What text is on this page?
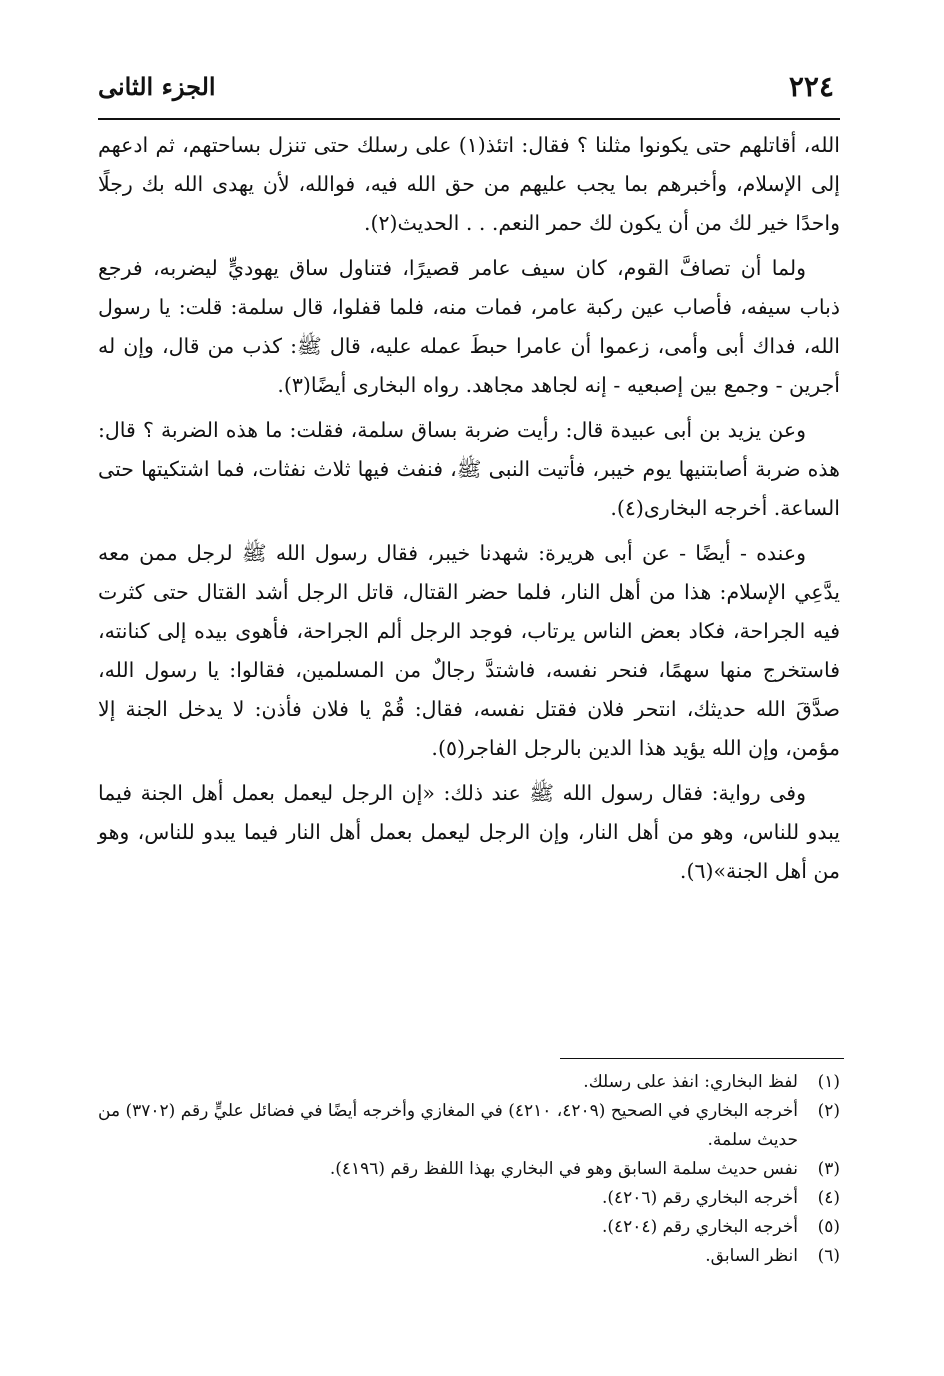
٢٢٤
الجزء الثانى

الله، أقاتلهم حتى يكونوا مثلنا ؟ فقال: اتئذ(١) على رسلك حتى تنزل بساحتهم، ثم ادعهم إلى الإسلام، وأخبرهم بما يجب عليهم من حق الله فيه، فوالله، لأن يهدى الله بك رجلًا واحدًا خير لك من أن يكون لك حمر النعم. . . الحديث(٢).

ولما أن تصافَّ القوم، كان سيف عامر قصيرًا، فتناول ساق يهوديٍّ ليضربه، فرجع ذباب سيفه، فأصاب عين ركبة عامر، فمات منه، فلما قفلوا، قال سلمة: قلت: يا رسول الله، فداك أبى وأمى، زعموا أن عامرا حبطَ عمله عليه، قال ﷺ: كذب من قال، وإن له أجرين - وجمع بين إصبعيه - إنه لجاهد مجاهد. رواه البخارى أيضًا(٣).

وعن يزيد بن أبى عبيدة قال: رأيت ضربة بساق سلمة، فقلت: ما هذه الضربة ؟ قال: هذه ضربة أصابتنيها يوم خيبر، فأتيت النبى ﷺ، فنفث فيها ثلاث نفثات، فما اشتكيتها حتى الساعة. أخرجه البخارى(٤).

وعنده - أيضًا - عن أبى هريرة: شهدنا خيبر، فقال رسول الله ﷺ لرجل ممن معه يدَّعِي الإسلام: هذا من أهل النار، فلما حضر القتال، قاتل الرجل أشد القتال حتى كثرت فيه الجراحة، فكاد بعض الناس يرتاب، فوجد الرجل ألم الجراحة، فأهوى بيده إلى كنانته، فاستخرج منها سهمًا، فنحر نفسه، فاشتدَّ رجالٌ من المسلمين، فقالوا: يا رسول الله، صدَّقَ الله حديثك، انتحر فلان فقتل نفسه، فقال: قُمْ يا فلان فأذن: لا يدخل الجنة إلا مؤمن، وإن الله يؤيد هذا الدين بالرجل الفاجر(٥).

وفى رواية: فقال رسول الله ﷺ عند ذلك: «إن الرجل ليعمل بعمل أهل الجنة فيما يبدو للناس، وهو من أهل النار، وإن الرجل ليعمل بعمل أهل النار فيما يبدو للناس، وهو من أهل الجنة»(٦).

(١)
لفظ البخاري: انفذ على رسلك.
(٢)
أخرجه البخاري في الصحيح (٤٢٠٩، ٤٢١٠) في المغازي وأخرجه أيضًا في فضائل عليٍّ رقم (٣٧٠٢) من حديث سلمة.
(٣)
نفس حديث سلمة السابق وهو في البخاري بهذا اللفظ رقم (٤١٩٦).
(٤)
أخرجه البخاري رقم (٤٢٠٦).
(٥)
أخرجه البخاري رقم (٤٢٠٤).
(٦)
انظر السابق.
